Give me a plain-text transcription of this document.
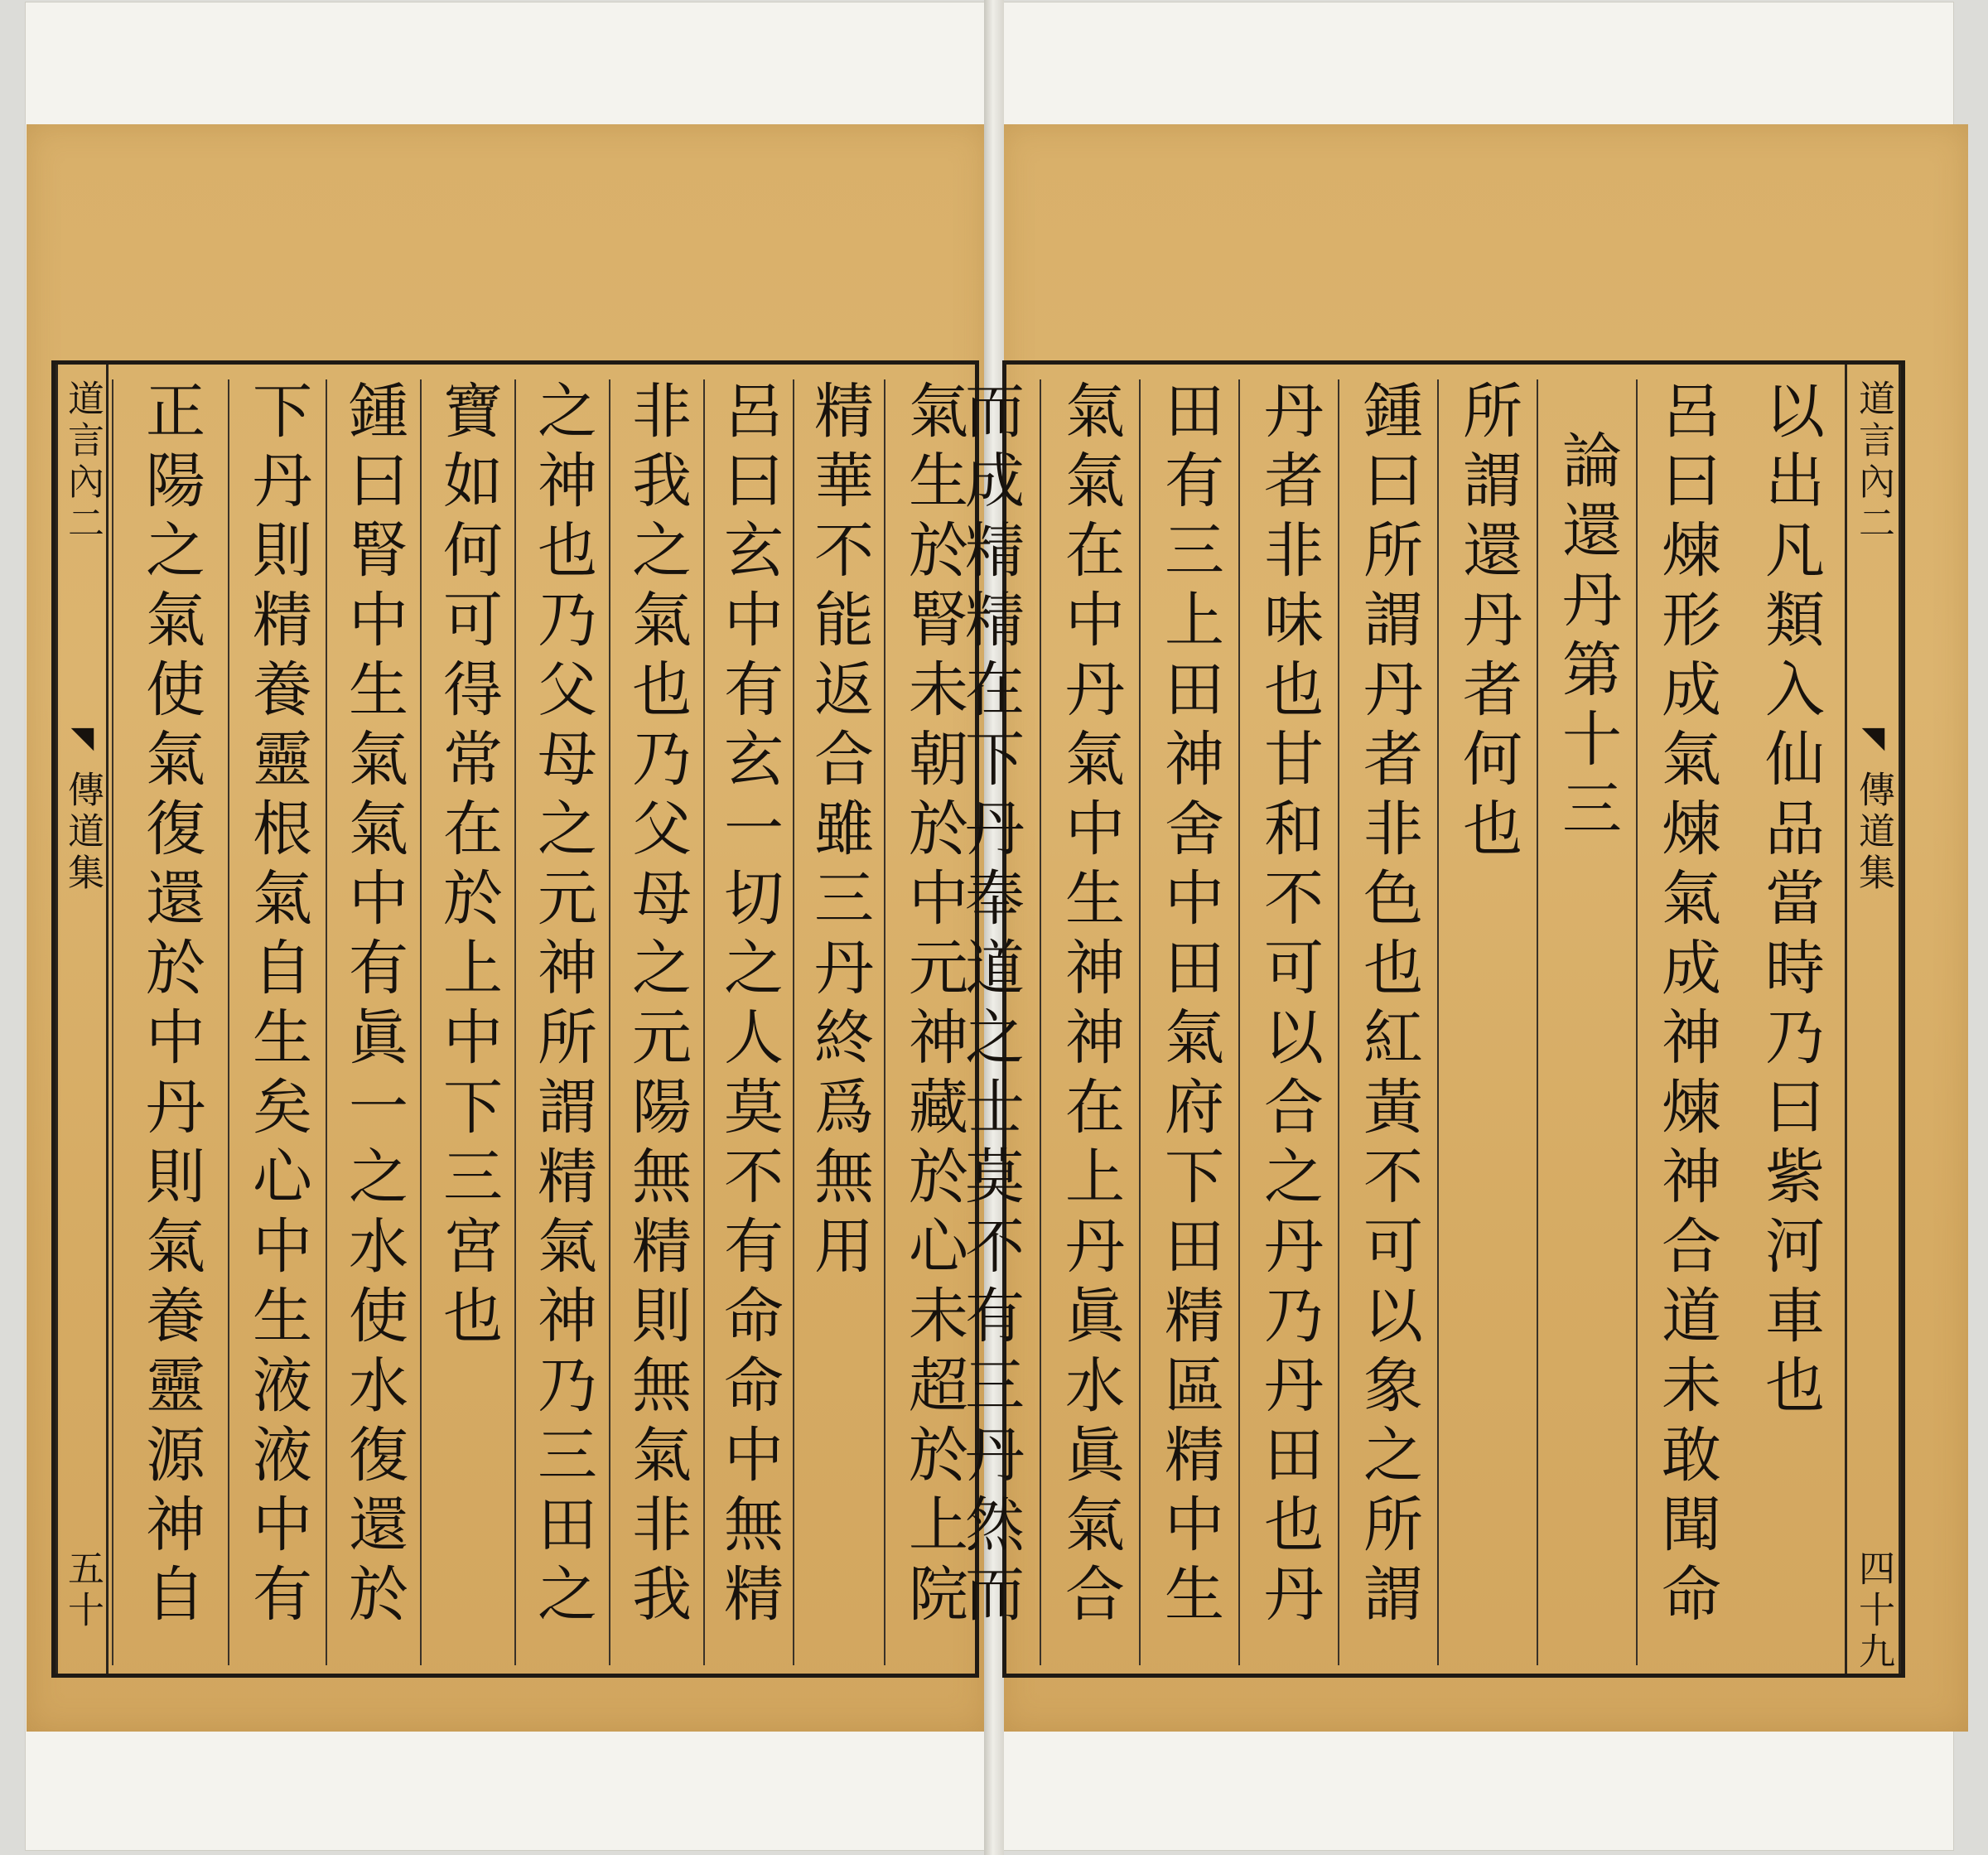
氣生於腎未朝於中元神藏於心未超於上院
精華不能返合雖三丹終爲無用
呂曰玄中有玄一切之人莫不有命命中無精
非我之氣也乃父母之元陽無精則無氣非我
之神也乃父母之元神所謂精氣神乃三田之
寶如何可得常在於上中下三宮也
鍾曰腎中生氣氣中有眞一之水使水復還於
下丹則精養靈根氣自生矣心中生液液中有
正陽之氣使氣復還於中丹則氣養靈源神自
道言內二
◥
傳道集
五十
道言內二
◥
傳道集
四十九
以出凡類入仙品當時乃曰紫河車也
呂曰煉形成氣煉氣成神煉神合道未敢聞命
論還丹第十三
所謂還丹者何也
鍾曰所謂丹者非色也紅黃不可以象之所謂
丹者非味也甘和不可以合之丹乃丹田也丹
田有三上田神舍中田氣府下田精區精中生
氣氣在中丹氣中生神神在上丹眞水眞氣合
而成精精在下丹奉道之士莫不有三丹然而
